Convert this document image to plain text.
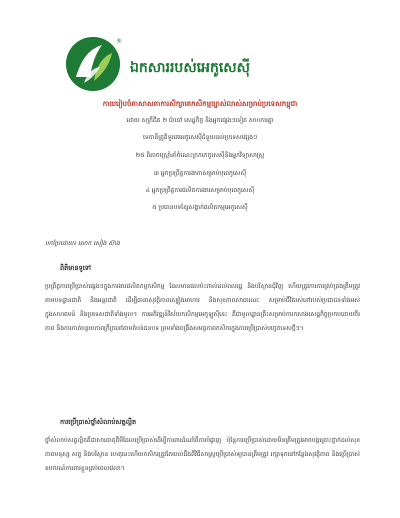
®
ឯកសាររបស់អេកូសេស៊ី
កាយរៀបចំគាសាសតាការសិក្សាគេកសិកម្មច្បាស់លាស់សម្រាប់ប្រទេសកម្ពុជា
ដោយ សុក្រីជិត ២ ប៉ាបៅ សេដ្ឋកិច្ច និងអ្នកផ្សេងៗទៀត សហការគ្នា
ទេតានីត្រូតិទួរគេអេកូសេស៊ីជំនួយដល់ប្រទេសផ្សេងៗ
២៥ ពិតាចស្ត្រោំនាំចំណេះក្រកកេកូសេស៊ីនិងអ្នកវិទ្យាសាស្ត្រ
៣ អ្នកប្រព្រឹត្តការងាកាសម្រាប់បុពេកូសេស៊ី
៤ អ្នកប្រព្រឹត្តការផលិតការងារសម្រាប់បុពេកូសេស៊ី
៥ ប្រធានបទខ្សែសង្វាក់ផលិតកម្មអេកូសេស៊ី
បកប្រែដោយ៖ លោក សៀង ស៊ាង
ពិតិមានទូទៅ
ប្រព្រឹត្តការប្រើប្រាស់ផ្សេងៗក្នុងការងារផលិតកម្មកសិកម្ម ដែលមានផលប៉ះពាល់ដល់ពលរដ្ឋ និងបរិស្ថានជុំវិញ ហើយត្រូវការការគ្រប់គ្រងត្រឹមត្រូវតាមបទដ្ឋានជាតិ និងអន្តរជាតិ ដើម្បីធានាសុវត្ថិភាពស្បៀងអាហារ និងសុខភាពសាធារណៈ សម្រាប់ជីវិតរស់នៅរបស់ប្រជាជនទាំងអស់ក្នុងសហគមន៍ និងប្រទេសជាតិទាំងមូល។ ការអភិវឌ្ឍន៍វិស័យកសិកម្មអេកូឡូស៊ីនេះ គឺជាមូលដ្ឋានគ្រឹះសម្រាប់ការកសាងសេដ្ឋកិច្ចប្រកបដោយចីរភាព និងការកាត់បន្ថយភាពក្រីក្រនៅតាមតំបន់ជនបទ ព្រមទាំងពង្រឹងសមត្ថភាពកសិករក្នុងការប្រើប្រាស់បច្ចេកទេសថ្មីៗ។
ការប្រើប្រាស់ថ្នាំសំលាប់សត្វល្អិត
ថ្នាំសំលាប់សត្វល្អិតគឺជាសារធាតុគីមីដែលប្រើប្រាស់ដើម្បីការពារដំណាំពីការបំផ្លាញ ប៉ុន្តែការប្រើប្រាស់ដោយមិនត្រឹមត្រូវអាចបង្កគ្រោះថ្នាក់ដល់សុខភាពមនុស្ស សត្វ និងបរិស្ថាន ហេតុនេះហើយកសិករត្រូវតែយល់ដឹងពីវិធីសាស្ត្រប្រើប្រាស់ឲ្យបានត្រឹមត្រូវ រក្សាទុកនៅកន្លែងសុវត្ថិភាព និងប្រើប្រាស់ឧបករណ៍ការពារខ្លួនគ្រប់ពេលវេលា។
